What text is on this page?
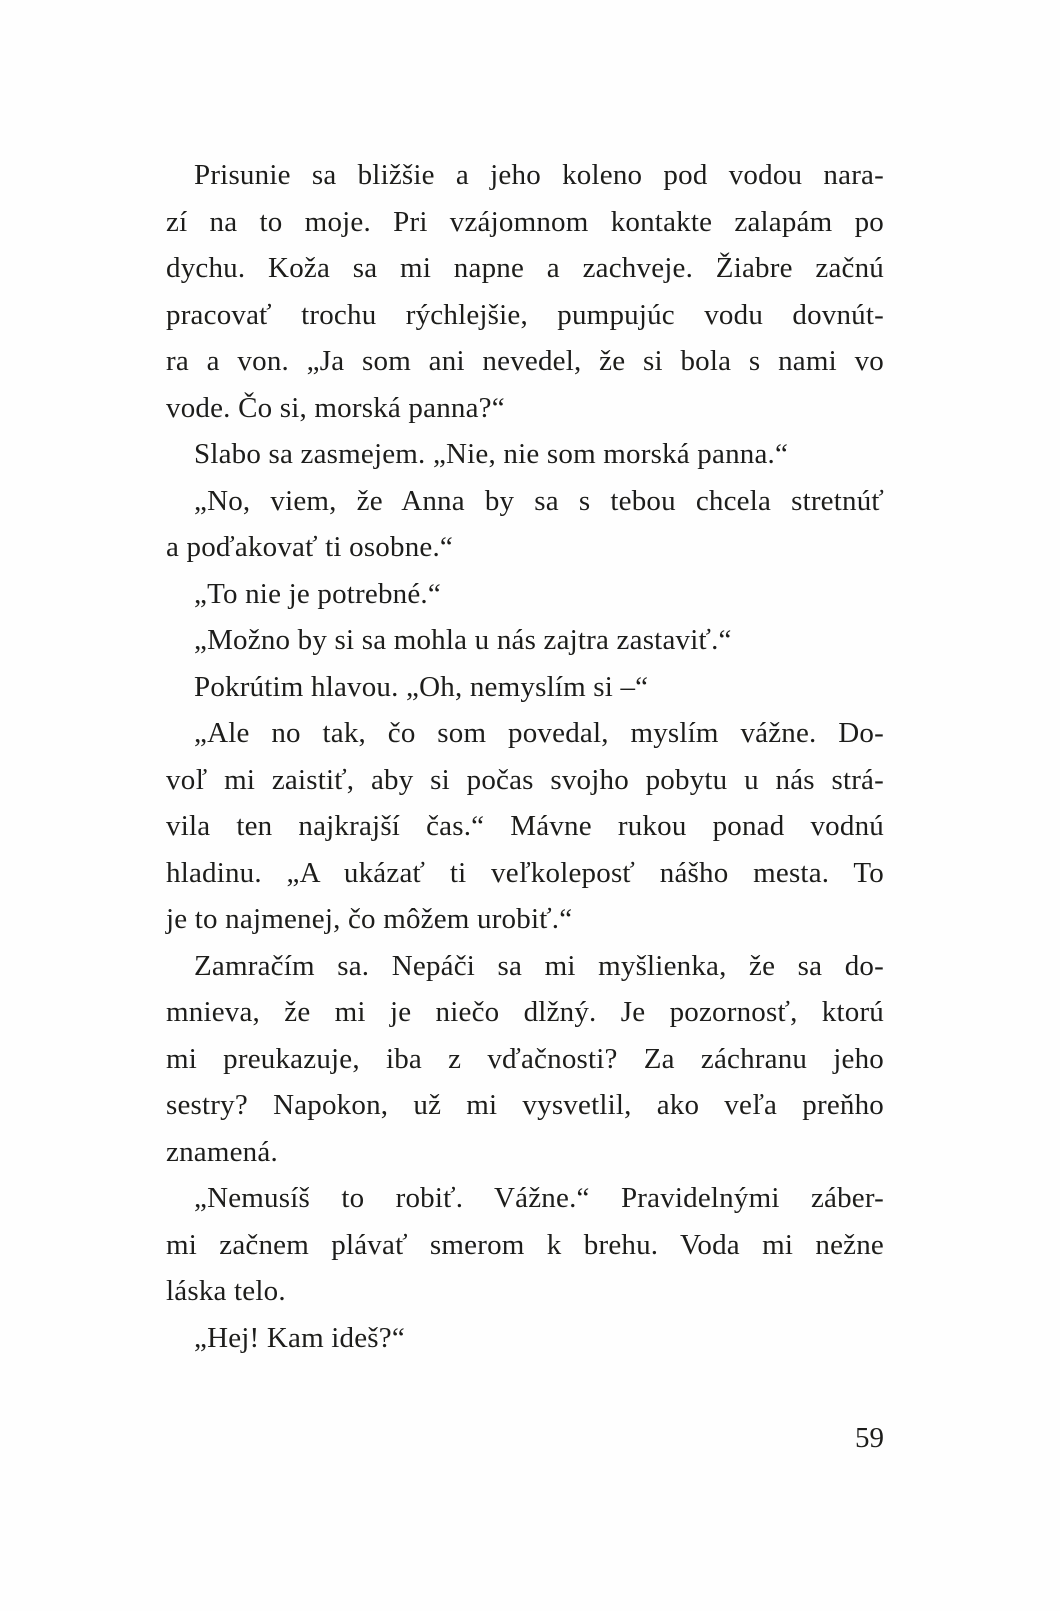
Prisunie sa bližšie a jeho koleno pod vodou nara-
zí na to moje. Pri vzájomnom kontakte zalapám po
dychu. Koža sa mi napne a zachveje. Žiabre začnú
pracovať trochu rýchlejšie, pumpujúc vodu dovnút-
ra a von. „Ja som ani nevedel, že si bola s nami vo
vode. Čo si, morská panna?“
Slabo sa zasmejem. „Nie, nie som morská panna.“
„No, viem, že Anna by sa s tebou chcela stretnúť
a poďakovať ti osobne.“
„To nie je potrebné.“
„Možno by si sa mohla u nás zajtra zastaviť.“
Pokrútim hlavou. „Oh, nemyslím si –“
„Ale no tak, čo som povedal, myslím vážne. Do-
voľ mi zaistiť, aby si počas svojho pobytu u nás strá-
vila ten najkrajší čas.“ Mávne rukou ponad vodnú
hladinu. „A ukázať ti veľkoleposť nášho mesta. To
je to najmenej, čo môžem urobiť.“
Zamračím sa. Nepáči sa mi myšlienka, že sa do-
mnieva, že mi je niečo dlžný. Je pozornosť, ktorú
mi preukazuje, iba z vďačnosti? Za záchranu jeho
sestry? Napokon, už mi vysvetlil, ako veľa preňho
znamená.
„Nemusíš to robiť. Vážne.“ Pravidelnými záber-
mi začnem plávať smerom k brehu. Voda mi nežne
láska telo.
„Hej! Kam ideš?“
59
